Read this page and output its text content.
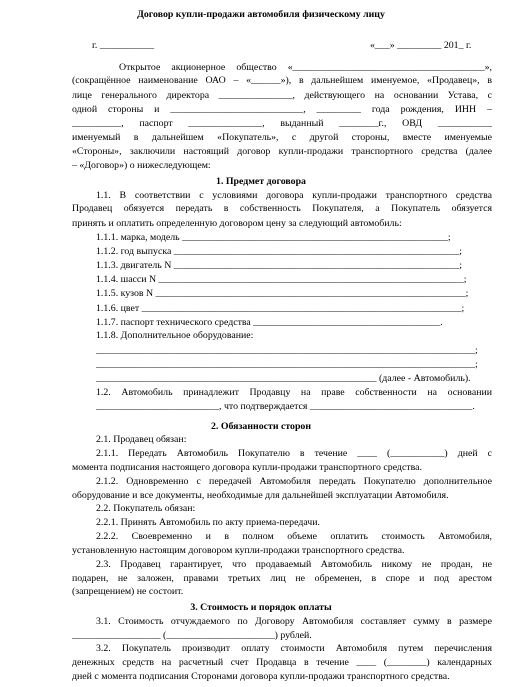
Договор купли-продажи автомобиля физическому лицу
г. ___________	«___» _________ 201_ г.
Открытое акционерное общество «_______________________________________»,
(сокращённое наименование ОАО – «______»), в дальнейшем именуемое, «Продавец», в
лице генерального директора _______________, действующего на основании Устава, с
одной стороны и ___________________________, _________ года рождения, ИНН –
__________, паспорт _______________, выданный ________г., ОВД ___________
именуемый в дальнейшем «Покупатель», с другой стороны, вместе именуемые
«Стороны», заключили настоящий договор купли-продажи транспортного средства (далее
– «Договор») о нижеследующем:
1. Предмет договора
1.1. В соответствии с условиями договора купли-продажи транспортного средства
Продавец обязуется передать в собственность Покупателя, а Покупатель обязуется
принять и оплатить определенную договором цену за следующий автомобиль:
1.1.1. марка, модель ______________________________________________________;
1.1.2. год выпуска __________________________________________________________;
1.1.3. двигатель N __________________________________________________________;
1.1.4. шасси N ______________________________________________________________;
1.1.5. кузов N _______________________________________________________________;
1.1.6. цвет _________________________________________________________________;
1.1.7. паспорт технического средства ______________________________________.
1.1.8. Дополнительное оборудование:
_____________________________________________________________________________;
_____________________________________________________________________________;
_________________________________________________________ (далее - Автомобиль).
1.2. Автомобиль принадлежит Продавцу на праве собственности на основании
_________________________, что подтверждается _________________________________.
2. Обязанности сторон
2.1. Продавец обязан:
2.1.1. Передать Автомобиль Покупателю в течение ____ (___________) дней с
момента подписания настоящего договора купли-продажи транспортного средства.
2.1.2. Одновременно с передачей Автомобиля передать Покупателю дополнительное
оборудование и все документы, необходимые для дальнейшей эксплуатации Автомобиля.
2.2. Покупатель обязан:
2.2.1. Принять Автомобиль по акту приема-передачи.
2.2.2. Своевременно и в полном объеме оплатить стоимость Автомобиля,
установленную настоящим договором купли-продажи транспортного средства.
2.3. Продавец гарантирует, что продаваемый Автомобиль никому не продан, не
подарен, не заложен, правами третьих лиц не обременен, в споре и под арестом
(запрещением) не состоит.
3. Стоимость и порядок оплаты
3.1. Стоимость отчуждаемого по Договору Автомобиля составляет сумму в размере
__________________ (______________________) рублей.
3.2. Покупатель производит оплату стоимости Автомобиля путем перечисления
денежных средств на расчетный счет Продавца в течение ____ (________) календарных
дней с момента подписания Сторонами договора купли-продажи транспортного средства.
